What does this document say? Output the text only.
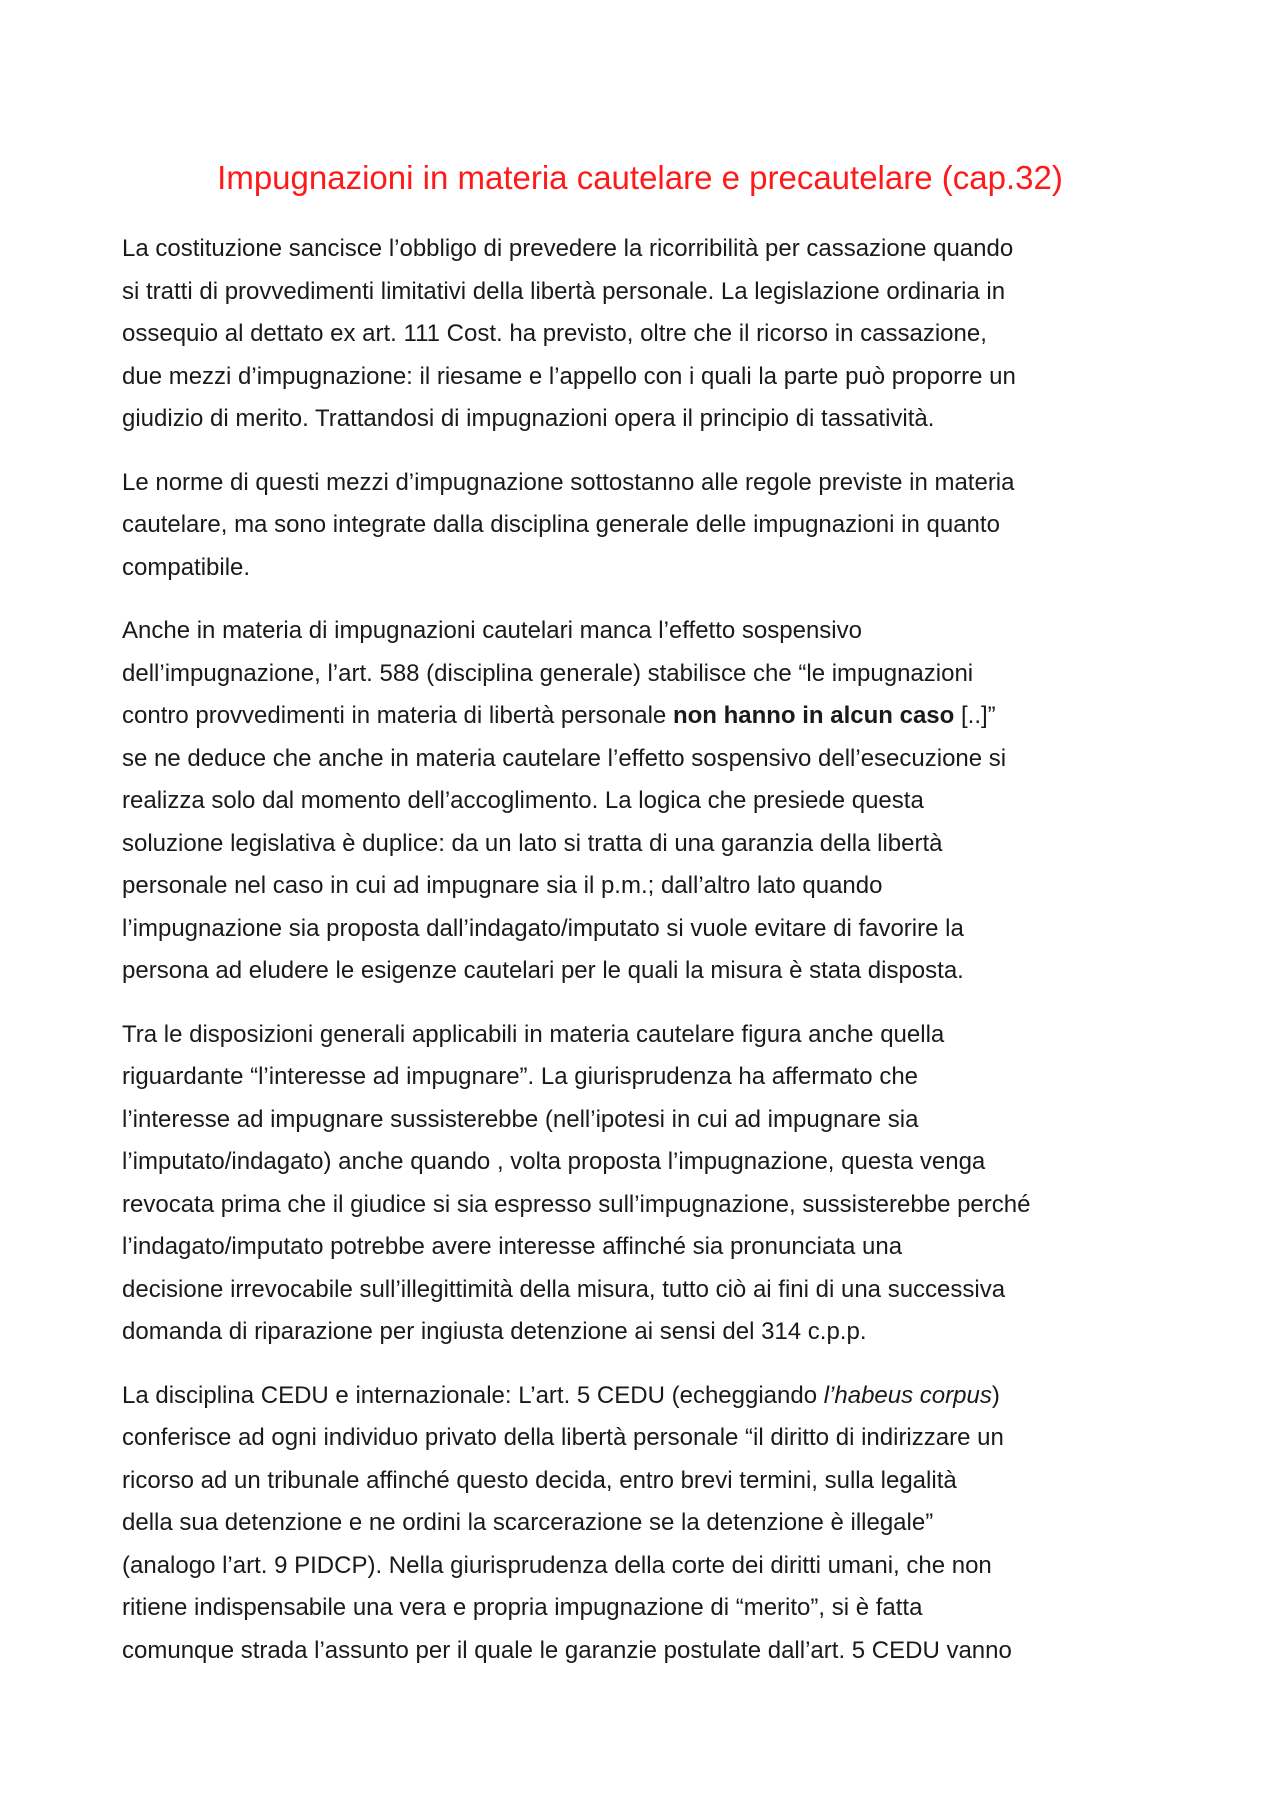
Impugnazioni in materia cautelare e precautelare (cap.32)
La costituzione sancisce l’obbligo di prevedere la ricorribilità per cassazione quando
si tratti di provvedimenti limitativi della libertà personale. La legislazione ordinaria in
ossequio al dettato ex art. 111 Cost. ha previsto, oltre che il ricorso in cassazione,
due mezzi d’impugnazione: il riesame e l’appello con i quali la parte può proporre un
giudizio di merito. Trattandosi di impugnazioni opera il principio di tassatività.
Le norme di questi mezzi d’impugnazione sottostanno alle regole previste in materia
cautelare, ma sono integrate dalla disciplina generale delle impugnazioni in quanto
compatibile.
Anche in materia di impugnazioni cautelari manca l’effetto sospensivo
dell’impugnazione, l’art. 588 (disciplina generale) stabilisce che “le impugnazioni
contro provvedimenti in materia di libertà personale non hanno in alcun caso [..]”
se ne deduce che anche in materia cautelare l’effetto sospensivo dell’esecuzione si
realizza solo dal momento dell’accoglimento. La logica che presiede questa
soluzione legislativa è duplice: da un lato si tratta di una garanzia della libertà
personale nel caso in cui ad impugnare sia il p.m.; dall’altro lato quando
l’impugnazione sia proposta dall’indagato/imputato si vuole evitare di favorire la
persona ad eludere le esigenze cautelari per le quali la misura è stata disposta.
Tra le disposizioni generali applicabili in materia cautelare figura anche quella
riguardante “l’interesse ad impugnare”. La giurisprudenza ha affermato che
l’interesse ad impugnare sussisterebbe (nell’ipotesi in cui ad impugnare sia
l’imputato/indagato) anche quando , volta proposta l’impugnazione, questa venga
revocata prima che il giudice si sia espresso sull’impugnazione, sussisterebbe perché
l’indagato/imputato potrebbe avere interesse affinché sia pronunciata una
decisione irrevocabile sull’illegittimità della misura, tutto ciò ai fini di una successiva
domanda di riparazione per ingiusta detenzione ai sensi del 314 c.p.p.
La disciplina CEDU e internazionale: L’art. 5 CEDU (echeggiando l’habeus corpus)
conferisce ad ogni individuo privato della libertà personale “il diritto di indirizzare un
ricorso ad un tribunale affinché questo decida, entro brevi termini, sulla legalità
della sua detenzione e ne ordini la scarcerazione se la detenzione è illegale”
(analogo l’art. 9 PIDCP). Nella giurisprudenza della corte dei diritti umani, che non
ritiene indispensabile una vera e propria impugnazione di “merito”, si è fatta
comunque strada l’assunto per il quale le garanzie postulate dall’art. 5 CEDU vanno
